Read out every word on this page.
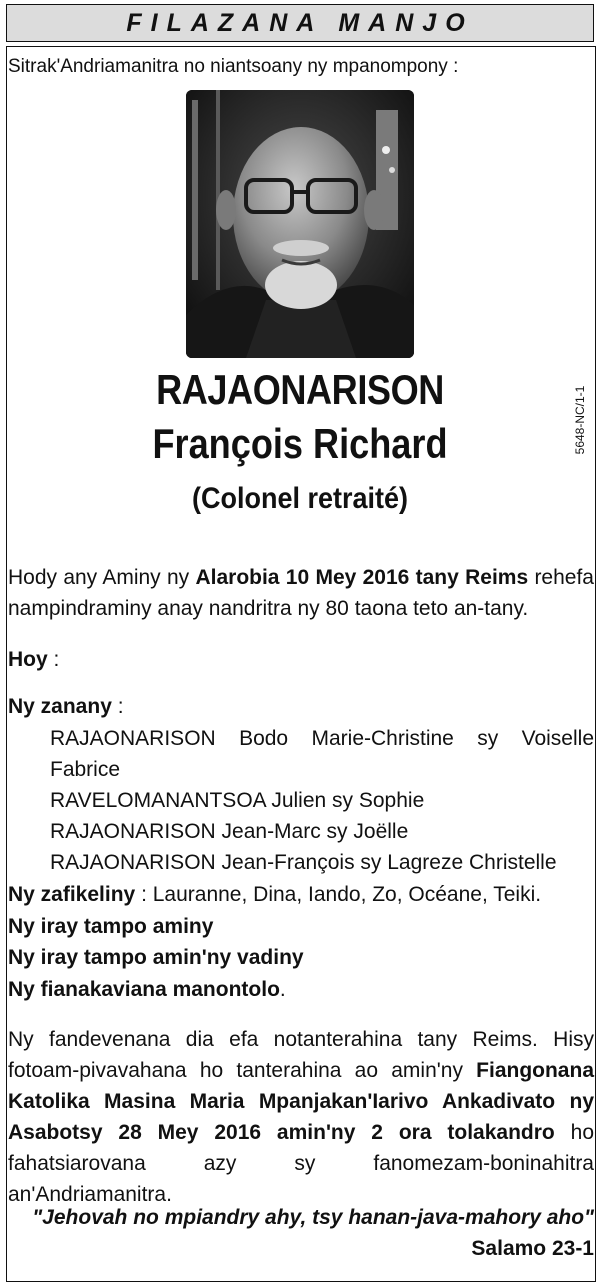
FILAZANA MANJO
Sitrak'Andriamanitra no niantsoany ny mpanompony :
5648-NC/1-1
RAJAONARISON
François Richard
(Colonel retraité)
Hody any Aminy ny Alarobia 10 Mey 2016 tany Reims rehefa nampindraminy anay nandritra ny 80 taona teto an-tany.
Hoy :
Ny zanany :
RAJAONARISON Bodo Marie-Christine sy Voiselle
Fabrice
RAVELOMANANTSOA Julien sy Sophie
RAJAONARISON Jean-Marc sy Joëlle
RAJAONARISON Jean-François sy Lagreze Christelle
Ny zafikeliny : Lauranne, Dina, Iando, Zo, Océane, Teiki.
Ny iray tampo aminy
Ny iray tampo amin'ny vadiny
Ny fianakaviana manontolo.
Ny fandevenana dia efa notanterahina tany Reims. Hisy fotoam-pivavahana ho tanterahina ao amin'ny Fiangonana Katolika Masina Maria Mpanjakan'Iarivo Ankadivato ny Asabotsy 28 Mey 2016 amin'ny 2 ora tolakandro ho fahatsiarovana azy sy fanomezam-boninahitra an'Andriamanitra.
"Jehovah no mpiandry ahy, tsy hanan-java-mahory aho"
Salamo 23-1
